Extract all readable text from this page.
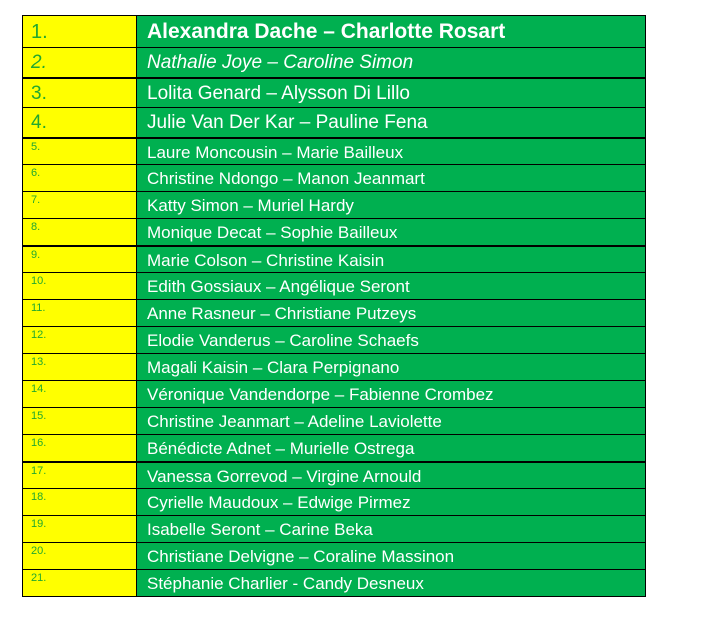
1.	Alexandra Dache – Charlotte Rosart
2.	Nathalie Joye – Caroline Simon
3.	Lolita Genard – Alysson Di Lillo
4.	Julie Van Der Kar – Pauline Fena
5.	Laure Moncousin – Marie Bailleux
6.	Christine Ndongo – Manon Jeanmart
7.	Katty Simon – Muriel Hardy
8.	Monique Decat – Sophie Bailleux
9.	Marie Colson – Christine Kaisin
10.	Edith Gossiaux – Angélique Seront
11.	Anne Rasneur – Christiane Putzeys
12.	Elodie Vanderus – Caroline Schaefs
13.	Magali Kaisin – Clara Perpignano
14.	Véronique Vandendorpe – Fabienne Crombez
15.	Christine Jeanmart – Adeline Laviolette
16.	Bénédicte Adnet – Murielle Ostrega
17.	Vanessa Gorrevod – Virgine Arnould
18.	Cyrielle Maudoux – Edwige Pirmez
19.	Isabelle Seront – Carine Beka
20.	Christiane Delvigne – Coraline Massinon
21.	Stéphanie Charlier - Candy Desneux
